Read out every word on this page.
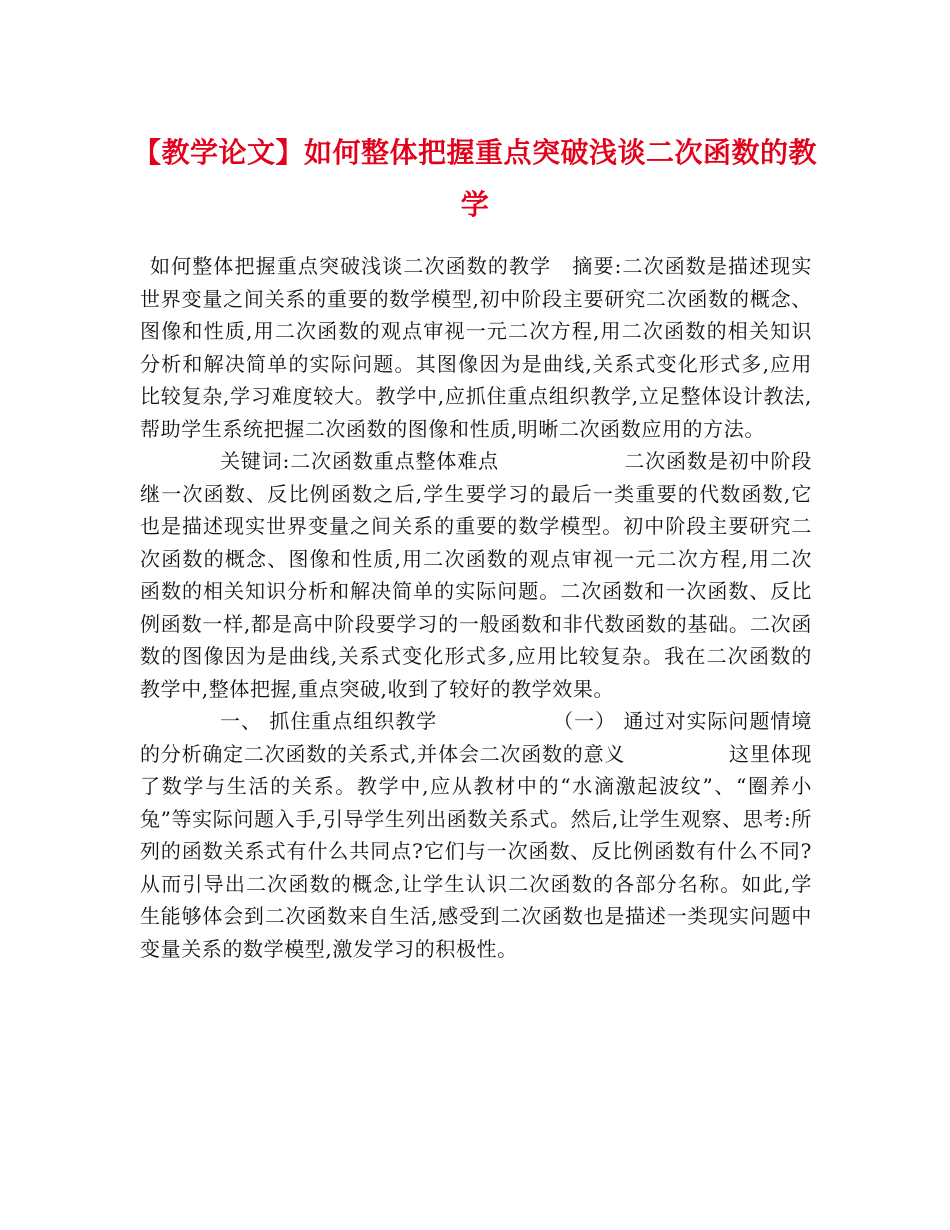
【教学论文】如何整体把握重点突破浅谈二次函数的教学

如何整体把握重点突破浅谈二次函数的教学　摘要:二次函数是描述现实世界变量之间关系的重要的数学模型,初中阶段主要研究二次函数的概念、图像和性质,用二次函数的观点审视一元二次方程,用二次函数的相关知识分析和解决简单的实际问题。其图像因为是曲线,关系式变化形式多,应用比较复杂,学习难度较大。教学中,应抓住重点组织教学,立足整体设计教法,帮助学生系统把握二次函数的图像和性质,明晰二次函数应用的方法。

关键词:二次函数重点整体难点　　　　　　二次函数是初中阶段继一次函数、反比例函数之后,学生要学习的最后一类重要的代数函数,它也是描述现实世界变量之间关系的重要的数学模型。初中阶段主要研究二次函数的概念、图像和性质,用二次函数的观点审视一元二次方程,用二次函数的相关知识分析和解决简单的实际问题。二次函数和一次函数、反比例函数一样,都是高中阶段要学习的一般函数和非代数函数的基础。二次函数的图像因为是曲线,关系式变化形式多,应用比较复杂。我在二次函数的教学中,整体把握,重点突破,收到了较好的教学效果。

一、 抓住重点组织教学　　　　　　（一） 通过对实际问题情境的分析确定二次函数的关系式,并体会二次函数的意义　　　　　这里体现了数学与生活的关系。教学中,应从教材中的“水滴激起波纹”、“圈养小兔”等实际问题入手,引导学生列出函数关系式。然后,让学生观察、思考:所列的函数关系式有什么共同点?它们与一次函数、反比例函数有什么不同?从而引导出二次函数的概念,让学生认识二次函数的各部分名称。如此,学生能够体会到二次函数来自生活,感受到二次函数也是描述一类现实问题中变量关系的数学模型,激发学习的积极性。
